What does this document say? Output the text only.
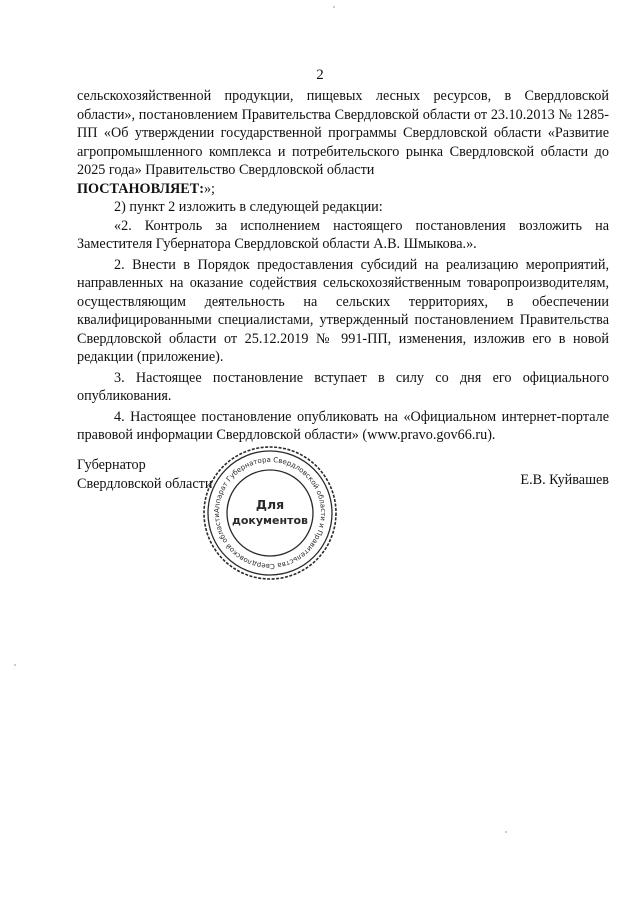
2

сельскохозяйственной продукции, пищевых лесных ресурсов, в Свердловской области», постановлением Правительства Свердловской области от 23.10.2013 № 1285-ПП «Об утверждении государственной программы Свердловской области «Развитие агропромышленного комплекса и потребительского рынка Свердловской области до 2025 года» Правительство Свердловской области
ПОСТАНОВЛЯЕТ:»;

2) пункт 2 изложить в следующей редакции:

«2. Контроль за исполнением настоящего постановления возложить на Заместителя Губернатора Свердловской области А.В. Шмыкова.».

2. Внести в Порядок предоставления субсидий на реализацию мероприятий, направленных на оказание содействия сельскохозяйственным товаропроизводителям, осуществляющим деятельность на сельских территориях, в обеспечении квалифицированными специалистами, утвержденный постановлением Правительства Свердловской области от 25.12.2019 № 991-ПП, изменения, изложив его в новой редакции (приложение).

3. Настоящее постановление вступает в силу со дня его официального опубликования.

4. Настоящее постановление опубликовать на «Официальном интернет-портале правовой информации Свердловской области» (www.pravo.gov66.ru).

Губернатор
Свердловской области	Е.В. Куйвашев
Аппарат Губернатора Свердловской области и Правительства Свердловской области
Для
документов
